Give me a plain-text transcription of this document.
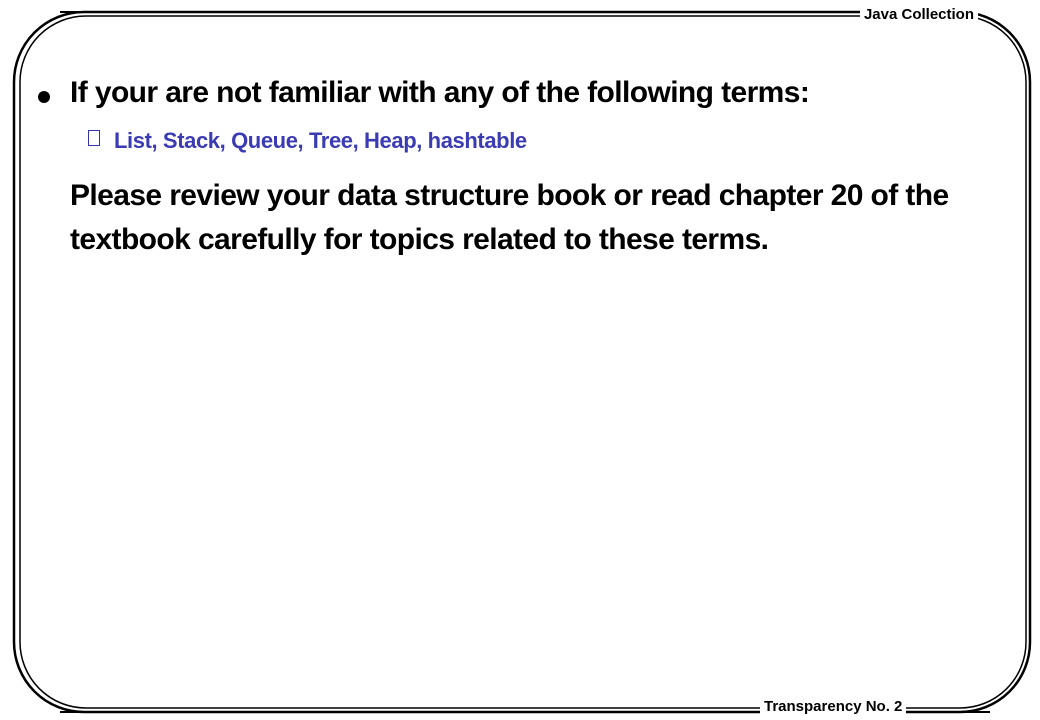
Java Collection
Transparency No. 2
If your are not familiar with any of the following terms:
List, Stack, Queue, Tree, Heap, hashtable
Please review your data structure book or read chapter 20 of the textbook carefully for topics related to these terms.
